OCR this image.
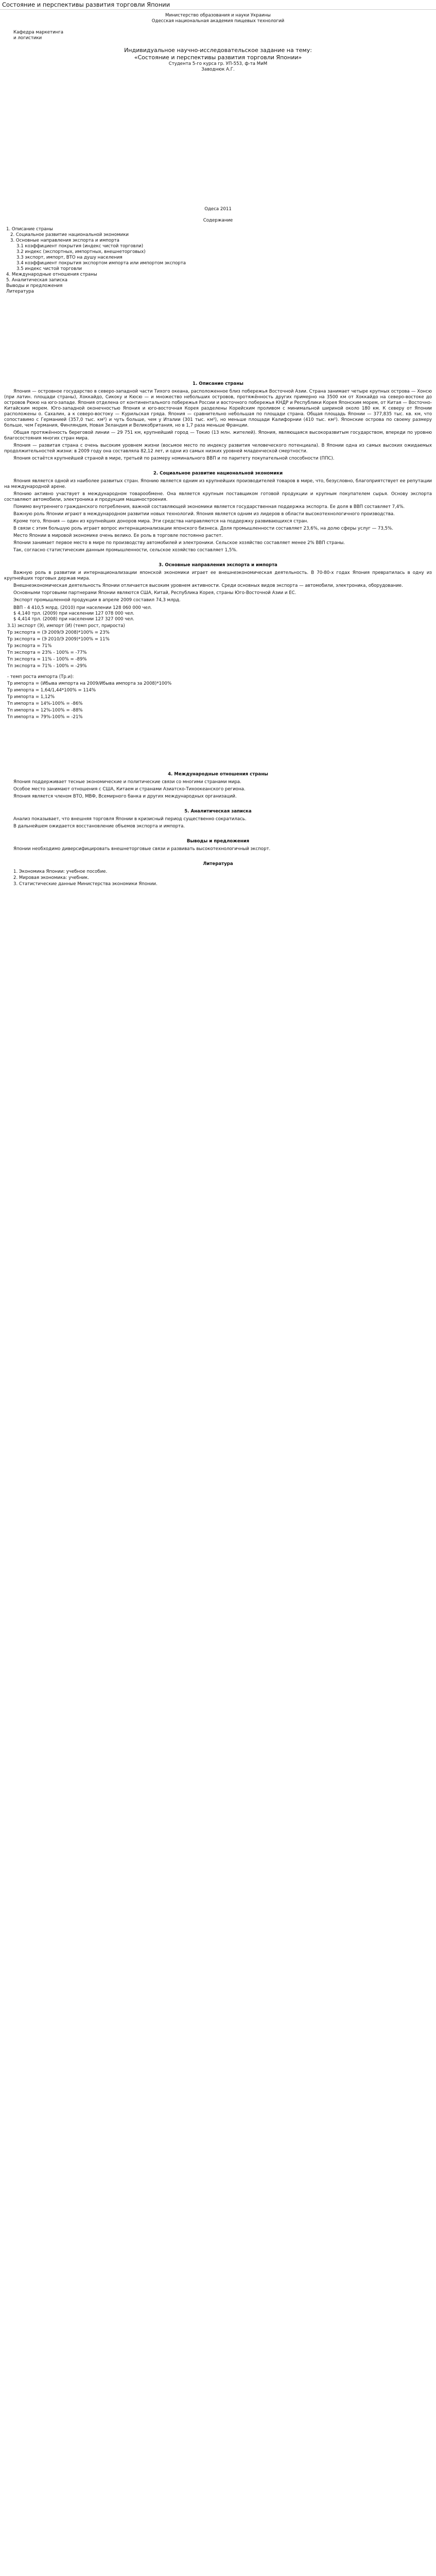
Состояние и перспективы развития торговли Японии
Министерство образования и науки Украины
Одесская национальная академия пищевых технологий
Кафедра маркетинга
и логистики
Индивидуальное научно-исследовательское задание на тему:
«Состояние и перспективы развития торговли Японии»
Студента 5-го курса гр. УП-553, ф-та МиМ
Заводнюк А.Г.
Одеса 2011
Содержание
1. Описание страны
2. Социальное развитие национальной экономики
3. Основные направления экспорта и импорта
3.1 коэффициент покрытия (индекс чистой торговли)
3.2 индекс (экспортных, импортных, внешнеторговых)
3.3 экспорт, импорт, ВТО на душу населения
3.4 коэффициент покрытия экспортом импорта или импортом экспорта
3.5 индекс чистой торговли
4. Международные отношения страны
5. Аналитическая записка
Выводы и предложения
Литература
1. Описание страны

Япония — островное государство в северо-западной части Тихого океана, расположенное близ побережья Восточной Азии. Страна занимает четыре крупных острова — Хонсю (при латин. площади страны), Хоккайдо, Сикоку и Кюсю — и множество небольших островов, протяжённость других примерно на 3500 км от Хоккайдо на северо-востоке до островов Рюкю на юго-западе. Япония отделена от континентального побережья России и восточного побережья КНДР и Республики Корея Японским морем, от Китая — Восточно-Китайским морем. Юго-западной оконечностью Япония и юго-восточная Корея разделены Корейским проливом с минимальной шириной около 180 км. К северу от Японии расположены о. Сахалин, а к северо-востоку — Курильская гряда. Япония — сравнительно небольшая по площади страна. Общая площадь Японии — 377,835 тыс. кв. км, что сопоставимо с Германией (357,0 тыс. км²) и чуть больше, чем у Италии (301 тыс. км²), но меньше площади Калифорнии (410 тыс. км²). Японские острова по своему размеру больше, чем Германия, Финляндия, Новая Зеландия и Великобритания, но в 1,7 раза меньше Франции.

Общая протяжённость береговой линии — 29 751 км, крупнейший город — Токио (13 млн. жителей). Япония, являющаяся высокоразвитым государством, впереди по уровню благосостояния многих стран мира.

Япония — развитая страна с очень высоким уровнем жизни (восьмое место по индексу развития человеческого потенциала). В Японии одна из самых высоких ожидаемых продолжительностей жизни: в 2009 году она составляла 82,12 лет, и одни из самых низких уровней младенческой смертности.

Япония остаётся крупнейшей страной в мире, третьей по размеру номинального ВВП и по паритету покупательной способности (ППС).

2. Социальное развитие национальной экономики

Япония является одной из наиболее развитых стран. Японию является одним из крупнейших производителей товаров в мире, что, безусловно, благоприятствует ее репутации на международной арене.

Японию активно участвует в международном товарообмене. Она является крупным поставщиком готовой продукции и крупным покупателем сырья. Основу экспорта составляют автомобили, электроника и продукция машиностроения.

Помимо внутреннего гражданского потребления, важной составляющей экономики является государственная поддержка экспорта. Ее доля в ВВП составляет 7,4%.

Важную роль Японии играют в международном развитии новых технологий. Япония является одним из лидеров в области высокотехнологичного производства.

Кроме того, Япония — один из крупнейших доноров мира. Эти средства направляются на поддержку развивающихся стран.

В связи с этим большую роль играет вопрос интернационализации японского бизнеса. Доля промышленности составляет 23,6%, на долю сферы услуг — 73,5%.

Место Японии в мировой экономике очень велико. Ее роль в торговле постоянно растет.

Японии занимает первое место в мире по производству автомобилей и электроники. Сельское хозяйство составляет менее 2% ВВП страны.

Так, согласно статистическим данным промышленности, сельское хозяйство составляет 1,5%.

3. Основные направления экспорта и импорта

Важную роль в развитии и интернационализации японской экономики играет ее внешнеэкономическая деятельность. В 70-80-х годах Япония превратилась в одну из крупнейших торговых держав мира.

Внешнеэкономическая деятельность Японии отличается высоким уровнем активности. Среди основных видов экспорта — автомобили, электроника, оборудование.

Основными торговыми партнерами Японии являются США, Китай, Республика Корея, страны Юго-Восточной Азии и ЕС.

Экспорт промышленной продукции в апреле 2009 составил 74,3 млрд.

ВВП - 4 410,5 млрд. (2010) при населении 128 060 000 чел.
$ 4,140 трл. (2009) при населении 127 078 000 чел.
$ 4,414 трл. (2008) при населении 127 327 000 чел.
3.1) экспорт (Э), импорт (И) (темп рост, прироста)
Тр экспорта = (Э 2009/Э 2008)*100% = 23%
Тр экспорта = (Э 2010/Э 2009)*100% = 11%
Тр экспорта = 71%
Тп экспорта = 23% - 100% = -77%
Тп экспорта = 11% - 100% = -89%
Тп экспорта = 71% - 100% = -29%
- темп роста импорта (Тр.и):
Тр импорта = (Ибыва импорта на 2009/Ибыва импорта за 2008)*100%
Тр импорта = 1,64/1,44*100% = 114%
Тр импорта = 1,12%
Тп импорта = 14%-100% = -86%
Тп импорта = 12%-100% = -88%
Тп импорта = 79%-100% = -21%
4. Международные отношения страны

Япония поддерживает тесные экономические и политические связи со многими странами мира.

Особое место занимают отношения с США, Китаем и странами Азиатско-Тихоокеанского региона.

Япония является членом ВТО, МВФ, Всемирного банка и других международных организаций.

5. Аналитическая записка

Анализ показывает, что внешняя торговля Японии в кризисный период существенно сократилась.

В дальнейшем ожидается восстановление объемов экспорта и импорта.

Выводы и предложения

Японии необходимо диверсифицировать внешнеторговые связи и развивать высокотехнологичный экспорт.

Литература
1. Экономика Японии: учебное пособие.
2. Мировая экономика: учебник.
3. Статистические данные Министерства экономики Японии.
